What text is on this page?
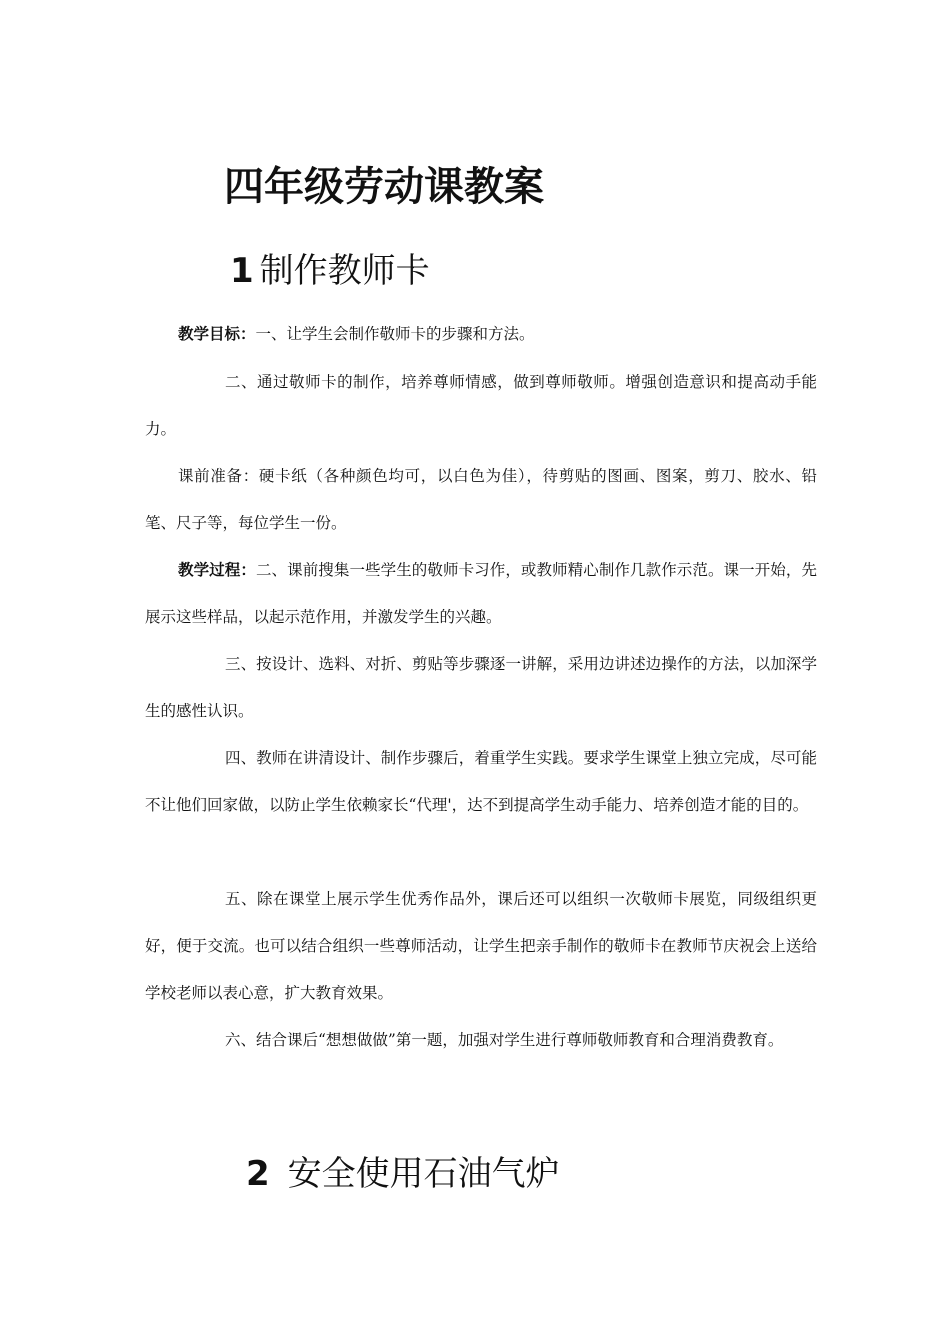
四年级劳动课教案
1 制作教师卡
教学目标：一、让学生会制作敬师卡的步骤和方法。
二、通过敬师卡的制作，培养尊师情感，做到尊师敬师。增强创造意识和提高动手能力。
课前准备：硬卡纸（各种颜色均可，以白色为佳），待剪贴的图画、图案，剪刀、胶水、铅笔、尺子等，每位学生一份。
教学过程：二、课前搜集一些学生的敬师卡习作，或教师精心制作几款作示范。课一开始，先展示这些样品，以起示范作用，并激发学生的兴趣。
三、按设计、选料、对折、剪贴等步骤逐一讲解，采用边讲述边操作的方法，以加深学生的感性认识。
四、教师在讲清设计、制作步骤后，着重学生实践。要求学生课堂上独立完成，尽可能不让他们回家做，以防止学生依赖家长“代理'，达不到提高学生动手能力、培养创造才能的目的。
五、除在课堂上展示学生优秀作品外，课后还可以组织一次敬师卡展览，同级组织更好，便于交流。也可以结合组织一些尊师活动，让学生把亲手制作的敬师卡在教师节庆祝会上送给学校老师以表心意，扩大教育效果。
六、结合课后“想想做做”第一题，加强对学生进行尊师敬师教育和合理消费教育。
2 安全使用石油气炉
